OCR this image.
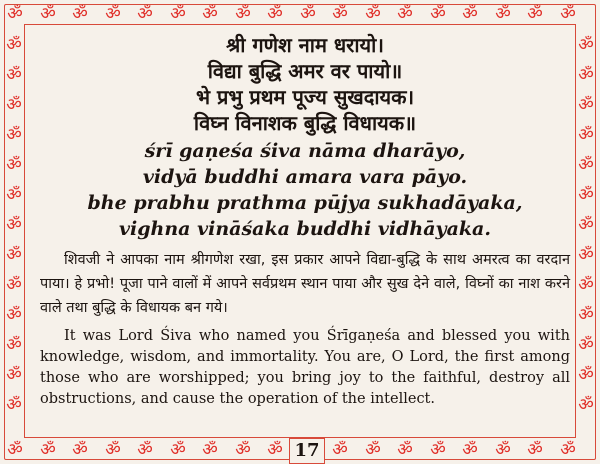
ॐ ॐ ॐ ॐ ॐ ॐ ॐ ॐ ॐ ॐ ॐ ॐ ॐ ॐ ॐ ॐ ॐ ॐ
ॐ ॐ ॐ ॐ ॐ ॐ ॐ ॐ ॐ	ॐ ॐ ॐ ॐ ॐ ॐ ॐ ॐ
ॐ	ॐ
ॐ	ॐ
ॐ	ॐ
ॐ	ॐ
ॐ	ॐ
ॐ	ॐ
ॐ	ॐ
ॐ	ॐ
ॐ	ॐ
ॐ	ॐ
ॐ	ॐ
ॐ	ॐ
ॐ	ॐ
श्री गणेश नाम धरायो।
विद्या बुद्धि अमर वर पायो॥
भे प्रभु प्रथम पूज्य सुखदायक।
विघ्न विनाशक बुद्धि विधायक॥
śrī gaṇeśa śiva nāma dharāyo,
vidyā buddhi amara vara pāyo.
bhe prabhu prathma pūjya sukhadāyaka,
vighna vināśaka buddhi vidhāyaka.
शिवजी ने आपका नाम श्रीगणेश रखा, इस प्रकार आपने विद्या-बुद्धि के साथ अमरत्व का वरदान पाया। हे प्रभो! पूजा पाने वालों में आपने सर्वप्रथम स्थान पाया और सुख देने वाले, विघ्नों का नाश करने वाले तथा बुद्धि के विधायक बन गये।
It was Lord Śiva who named you Śrīgaṇeśa and blessed you with knowledge, wisdom, and immortality. You are, O Lord, the first among those who are worshipped; you bring joy to the faithful, destroy all obstructions, and cause the operation of the intellect.
17
